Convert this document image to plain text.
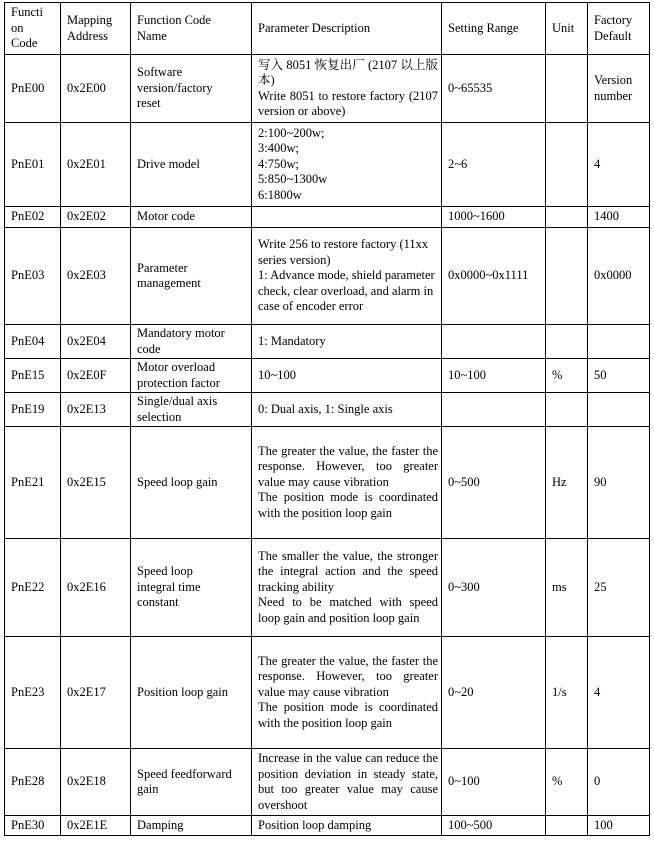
Functi
on
Code	Mapping
Address	Function Code
Name	Parameter Description	Setting Range	Unit	Factory
Default
PnE00	0x2E00	Software
version/factory
reset	写入 8051 恢复出厂 (2107 以上版本)
Write 8051 to restore factory (2107 version or above)	0~65535		Version
number
PnE01	0x2E01	Drive model	2:100~200w;
3:400w;
4:750w;
5:850~1300w
6:1800w	2~6		4
PnE02	0x2E02	Motor code		1000~1600		1400
PnE03	0x2E03	Parameter
management	Write 256 to restore factory (11xx series version)
1: Advance mode, shield parameter check, clear overload, and alarm in case of encoder error	0x0000~0x1111		0x0000
PnE04	0x2E04	Mandatory motor
code	1: Mandatory			
PnE15	0x2E0F	Motor overload
protection factor	10~100	10~100	%	50
PnE19	0x2E13	Single/dual axis
selection	0: Dual axis, 1: Single axis			
PnE21	0x2E15	Speed loop gain	The greater the value, the faster the response. However, too greater value may cause vibration
The position mode is coordinated with the position loop gain	0~500	Hz	90
PnE22	0x2E16	Speed loop
integral time
constant	The smaller the value, the stronger the integral action and the speed tracking ability
Need to be matched with speed loop gain and position loop gain	0~300	ms	25
PnE23	0x2E17	Position loop gain	The greater the value, the faster the response. However, too greater value may cause vibration
The position mode is coordinated with the position loop gain	0~20	1/s	4
PnE28	0x2E18	Speed feedforward
gain	Increase in the value can reduce the position deviation in steady state, but too greater value may cause overshoot	0~100	%	0
PnE30	0x2E1E	Damping	Position loop damping	100~500		100
